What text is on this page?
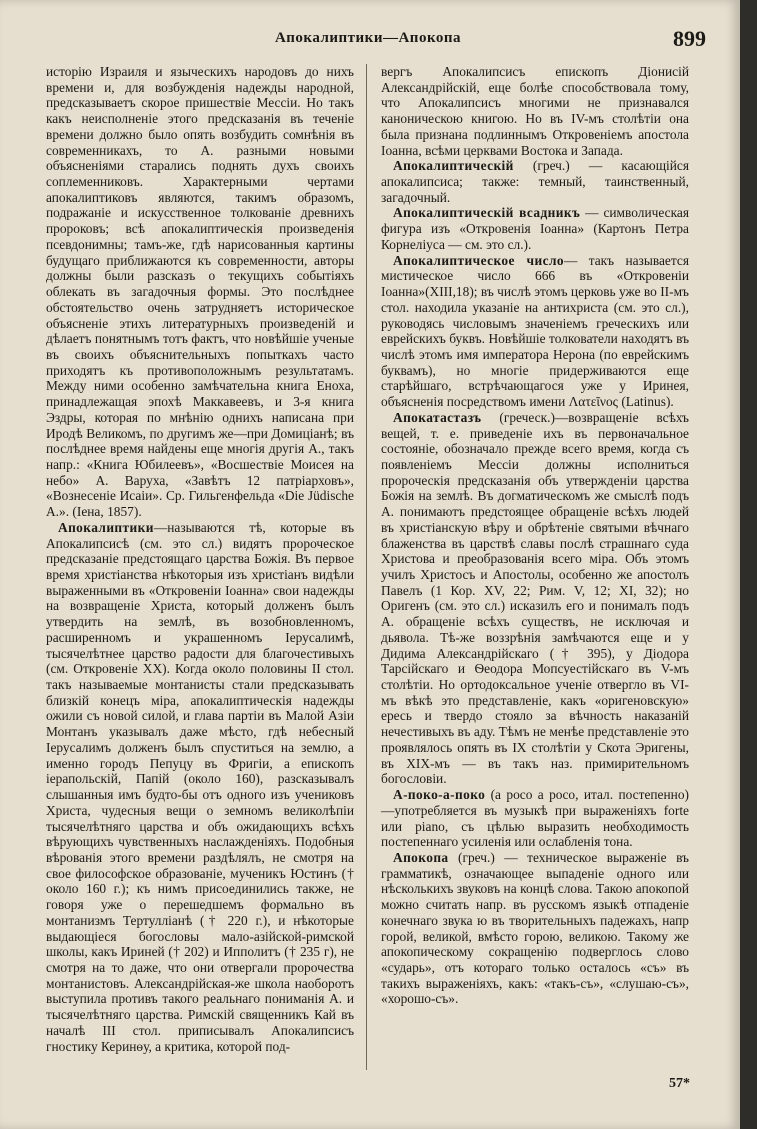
Апокалиптики—Апокопа	899

исторію Израиля и языческихъ народовъ до нихъ времени и, для возбужденія надежды народной, предсказываетъ скорое пришествіе Мессіи. Но такъ какъ неисполненіе этого предсказанія въ теченіе времени должно было опять возбудить сомнѣнія въ современникахъ, то А. разными новыми объясненіями старались поднять духъ своихъ соплеменниковъ. Характерными чертами апокалиптиковъ являются, такимъ образомъ, подражаніе и искусственное толкованіе древнихъ пророковъ; всѣ апокалиптическія произведенія псевдонимны; тамъ-же, гдѣ нарисованныя картины будущаго приближаются къ современности, авторы должны были разсказъ о текущихъ событіяхъ облекать въ загадочныя формы. Это послѣднее обстоятельство очень затрудняетъ историческое объясненіе этихъ литературныхъ произведеній и дѣлаетъ понятнымъ тотъ фактъ, что новѣйшіе ученые въ своихъ объяснительныхъ попыткахъ часто приходятъ къ противоположнымъ результатамъ. Между ними особенно замѣчательна книга Еноха, принадлежащая эпохѣ Маккавеевъ, и 3-я книга Эздры, которая по мнѣнію однихъ написана при Иродѣ Великомъ, по другимъ же—при Домиціанѣ; въ послѣднее время найдены еще многія другія А., такъ напр.: «Книга Юбилеевъ», «Восшествіе Моисея на небо» А. Варуха, «Завѣтъ 12 патріарховъ», «Вознесеніе Исаіи». Ср. Гильгенфельда «Die Jüdische A.». (Іена, 1857).

Апокалиптики—называются тѣ, которые въ Апокалипсисѣ (см. это сл.) видятъ пророческое предсказаніе предстоящаго царства Божія. Въ первое время христіанства нѣкоторыя изъ христіанъ видѣли выраженными въ «Откровеніи Іоанна» свои надежды на возвращеніе Христа, который долженъ былъ утвердить на землѣ, въ возобновленномъ, расширенномъ и украшенномъ Іерусалимѣ, тысячелѣтнее царство радости для благочестивыхъ (см. Откровеніе XX). Когда около половины II стол. такъ называемые монтанисты стали предсказывать близкій конецъ міра, апокалиптическія надежды ожили съ новой силой, и глава партіи въ Малой Азіи Монтанъ указывалъ даже мѣсто, гдѣ небесный Іерусалимъ долженъ былъ спуститься на землю, а именно городъ Пепуцу въ Фригіи, а епископъ іерапольскій, Папій (около 160), разсказывалъ слышанныя имъ будто-бы отъ одного изъ учениковъ Христа, чудесныя вещи о земномъ великолѣпіи тысячелѣтняго царства и объ ожидающихъ всѣхъ вѣрующихъ чувственныхъ наслажденіяхъ. Подобныя вѣрованія этого времени раздѣлялъ, не смотря на свое философское образованіе, мученикъ Юстинъ († около 160 г.); къ нимъ присоединились также, не говоря уже о перешедшемъ формально въ монтанизмъ Тертулліанѣ († 220 г.), и нѣкоторые выдающіеся богословы мало-азійской-римской школы, какъ Ириней († 202) и Ипполитъ († 235 г), не смотря на то даже, что они отвергали пророчества монтанистовъ. Александрійская-же школа наоборотъ выступила противъ такого реальнаго пониманія А. и тысячелѣтняго царства. Римскій священникъ Кай въ началѣ III стол. приписывалъ Апокалипсисъ гностику Керинѳу, а критика, которой под-

вергъ Апокалипсисъ епископъ Діонисій Александрійскій, еще болѣе способствовала тому, что Апокалипсисъ многими не признавался каноническою книгою. Но въ IV-мъ столѣтіи она была признана подлиннымъ Откровеніемъ апостола Іоанна, всѣми церквами Востока и Запада.

Апокалиптическій (греч.) — касающійся апокалипсиса; также: темный, таинственный, загадочный.

Апокалиптическій всадникъ — символическая фигура изъ «Откровенія Іоанна» (Картонъ Петра Корнеліуса — см. это сл.).

Апокалиптическое число— такъ называется мистическое число 666 въ «Откровеніи Іоанна»(XIII,18); въ числѣ этомъ церковь уже во II-мъ стол. находила указаніе на антихриста (см. это сл.), руководясь числовымъ значеніемъ греческихъ или еврейскихъ буквъ. Новѣйшіе толкователи находятъ въ числѣ этомъ имя императора Нерона (по еврейскимъ буквамъ), но многіе придерживаются еще старѣйшаго, встрѣчающагося уже у Иринея, объясненія посредствомъ имени Λατεῖνος (Latinus).

Апокатастазъ (греческ.)—возвращеніе всѣхъ вещей, т. е. приведеніе ихъ въ первоначальное состояніе, обозначало прежде всего время, когда съ появленіемъ Мессіи должны исполниться пророческія предсказанія объ утвержденіи царства Божія на землѣ. Въ догматическомъ же смыслѣ подъ А. понимаютъ предстоящее обращеніе всѣхъ людей въ христіанскую вѣру и обрѣтеніе святыми вѣчнаго блаженства въ царствѣ славы послѣ страшнаго суда Христова и преобразованія всего міра. Объ этомъ училъ Христосъ и Апостолы, особенно же апостолъ Павелъ (1 Кор. XV, 22; Рим. V, 12; XI, 32); но Оригенъ (см. это сл.) исказилъ его и понималъ подъ А. обращеніе всѣхъ существъ, не исключая и дьявола. Тѣ-же воззрѣнія замѣчаются еще и у Дидима Александрійскаго († 395), у Діодора Тарсійскаго и Ѳеодора Мопсуестійскаго въ V-мъ столѣтіи. Но ортодоксальное ученіе отвергло въ VI-мъ вѣкѣ это представленіе, какъ «оригеновскую» ересь и твердо стояло за вѣчность наказаній нечестивыхъ въ аду. Тѣмъ не менѣе представленіе это проявлялось опять въ IX столѣтіи у Скота Эригены, въ XIX-мъ — въ такъ наз. примирительномъ богословіи.

A-поко-а-поко (a poco a poco, итал. постепенно)—употребляется въ музыкѣ при выраженіяхъ forte или piano, съ цѣлью выразить необходимость постепеннаго усиленія или ослабленія тона.

Апокопа (греч.) — техническое выраженіе въ грамматикѣ, означающее выпаденіе одного или нѣсколькихъ звуковъ на концѣ слова. Такою апокопой можно считать напр. въ русскомъ языкѣ отпаденіе конечнаго звука ю въ творительныхъ падежахъ, напр горой, великой, вмѣсто горою, великою. Такому же апокопическому сокращенію подверглось слово «сударь», отъ котораго только осталось «съ» въ такихъ выраженіяхъ, какъ: «такъ-съ», «слушаю-съ», «хорошо-съ».

57*
